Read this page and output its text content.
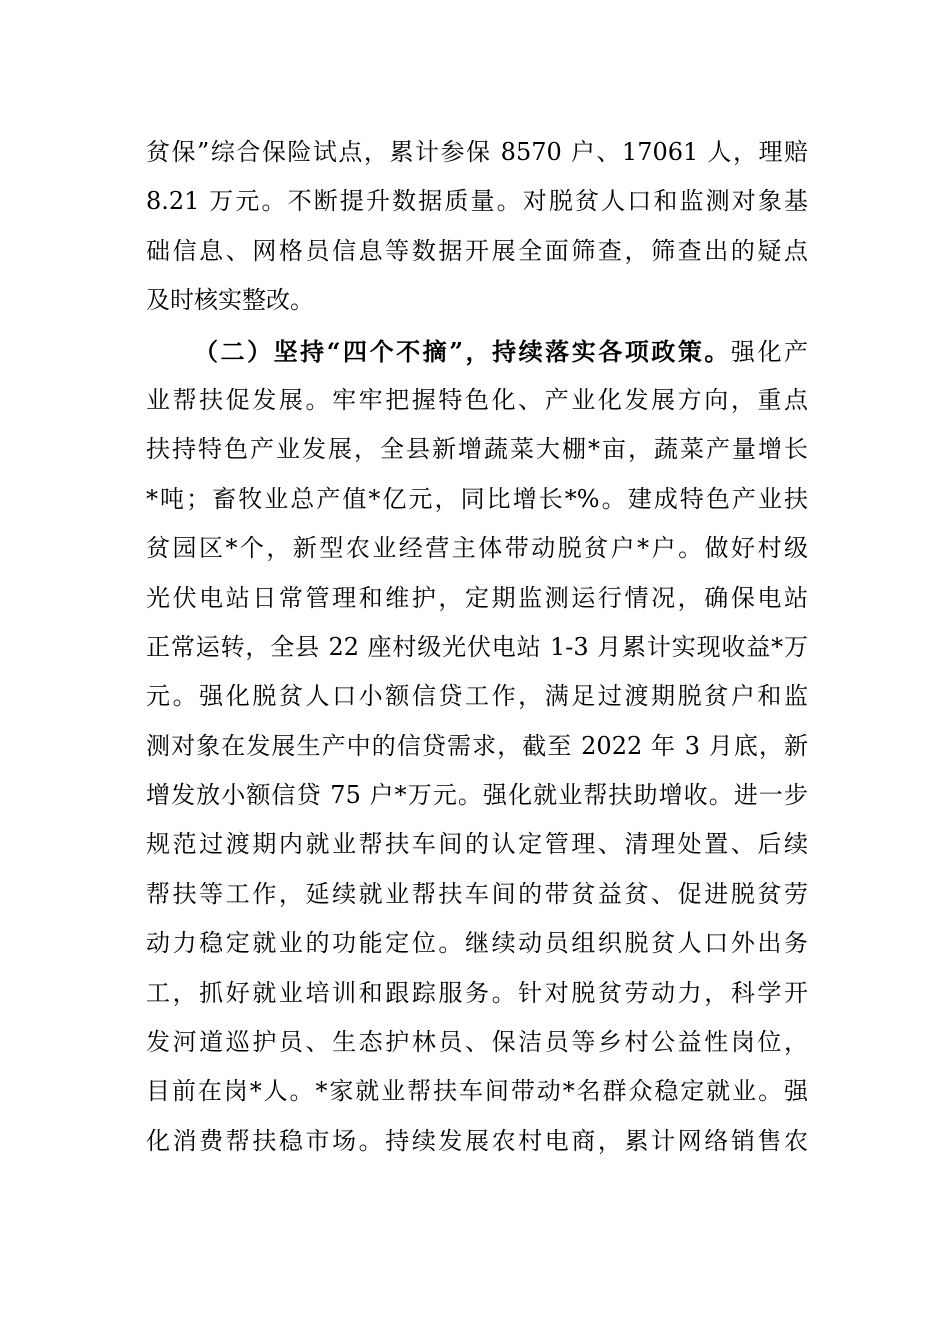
贫保”综合保险试点，累计参保 8570 户、17061 人，理赔
8.21 万元。不断提升数据质量。对脱贫人口和监测对象基
础信息、网格员信息等数据开展全面筛查，筛查出的疑点
及时核实整改。
（二）坚持“四个不摘”，持续落实各项政策。强化产
业帮扶促发展。牢牢把握特色化、产业化发展方向，重点
扶持特色产业发展，全县新增蔬菜大棚*亩，蔬菜产量增长
*吨；畜牧业总产值*亿元，同比增长*%。建成特色产业扶
贫园区*个，新型农业经营主体带动脱贫户*户。做好村级
光伏电站日常管理和维护，定期监测运行情况，确保电站
正常运转，全县 22 座村级光伏电站 1-3 月累计实现收益*万
元。强化脱贫人口小额信贷工作，满足过渡期脱贫户和监
测对象在发展生产中的信贷需求，截至 2022 年 3 月底，新
增发放小额信贷 75 户*万元。强化就业帮扶助增收。进一步
规范过渡期内就业帮扶车间的认定管理、清理处置、后续
帮扶等工作，延续就业帮扶车间的带贫益贫、促进脱贫劳
动力稳定就业的功能定位。继续动员组织脱贫人口外出务
工，抓好就业培训和跟踪服务。针对脱贫劳动力，科学开
发河道巡护员、生态护林员、保洁员等乡村公益性岗位，
目前在岗*人。*家就业帮扶车间带动*名群众稳定就业。强
化消费帮扶稳市场。持续发展农村电商，累计网络销售农
